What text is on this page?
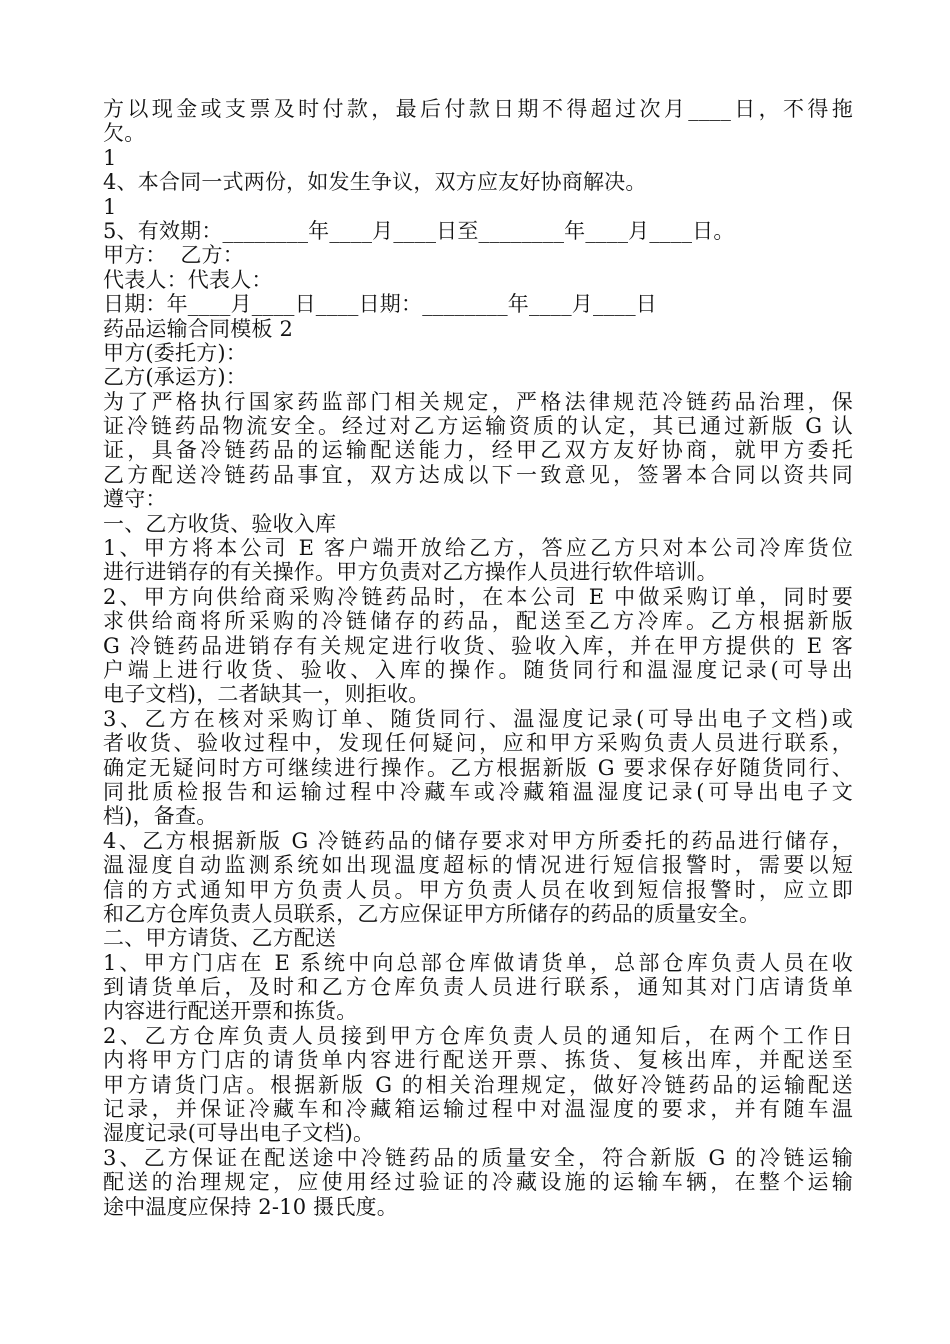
方以现金或支票及时付款，最后付款日期不得超过次月____日，不得拖
欠。
1
4、本合同一式两份，如发生争议，双方应友好协商解决。
1
5、有效期：________年____月____日至________年____月____日。
甲方：  乙方：
代表人：代表人：
日期：年____月____日____日期：________年____月____日
药品运输合同模板 2
甲方(委托方)：
乙方(承运方)：
为了严格执行国家药监部门相关规定，严格法律规范冷链药品治理，保
证冷链药品物流安全。经过对乙方运输资质的认定，其已通过新版 G 认
证，具备冷链药品的运输配送能力，经甲乙双方友好协商，就甲方委托
乙方配送冷链药品事宜，双方达成以下一致意见，签署本合同以资共同
遵守：
一、乙方收货、验收入库
1、甲方将本公司 E 客户端开放给乙方，答应乙方只对本公司冷库货位
进行进销存的有关操作。甲方负责对乙方操作人员进行软件培训。
2、甲方向供给商采购冷链药品时，在本公司 E 中做采购订单，同时要
求供给商将所采购的冷链储存的药品，配送至乙方冷库。乙方根据新版
G 冷链药品进销存有关规定进行收货、验收入库，并在甲方提供的 E 客
户端上进行收货、验收、入库的操作。随货同行和温湿度记录(可导出
电子文档)，二者缺其一，则拒收。
3、乙方在核对采购订单、随货同行、温湿度记录(可导出电子文档)或
者收货、验收过程中，发现任何疑问，应和甲方采购负责人员进行联系，
确定无疑问时方可继续进行操作。乙方根据新版 G 要求保存好随货同行、
同批质检报告和运输过程中冷藏车或冷藏箱温湿度记录(可导出电子文
档)，备查。
4、乙方根据新版 G 冷链药品的储存要求对甲方所委托的药品进行储存，
温湿度自动监测系统如出现温度超标的情况进行短信报警时，需要以短
信的方式通知甲方负责人员。甲方负责人员在收到短信报警时，应立即
和乙方仓库负责人员联系，乙方应保证甲方所储存的药品的质量安全。
二、甲方请货、乙方配送
1、甲方门店在 E 系统中向总部仓库做请货单，总部仓库负责人员在收
到请货单后，及时和乙方仓库负责人员进行联系，通知其对门店请货单
内容进行配送开票和拣货。
2、乙方仓库负责人员接到甲方仓库负责人员的通知后，在两个工作日
内将甲方门店的请货单内容进行配送开票、拣货、复核出库，并配送至
甲方请货门店。根据新版 G 的相关治理规定，做好冷链药品的运输配送
记录，并保证冷藏车和冷藏箱运输过程中对温湿度的要求，并有随车温
湿度记录(可导出电子文档)。
3、乙方保证在配送途中冷链药品的质量安全，符合新版 G 的冷链运输
配送的治理规定，应使用经过验证的冷藏设施的运输车辆，在整个运输
途中温度应保持 2-10 摄氏度。
